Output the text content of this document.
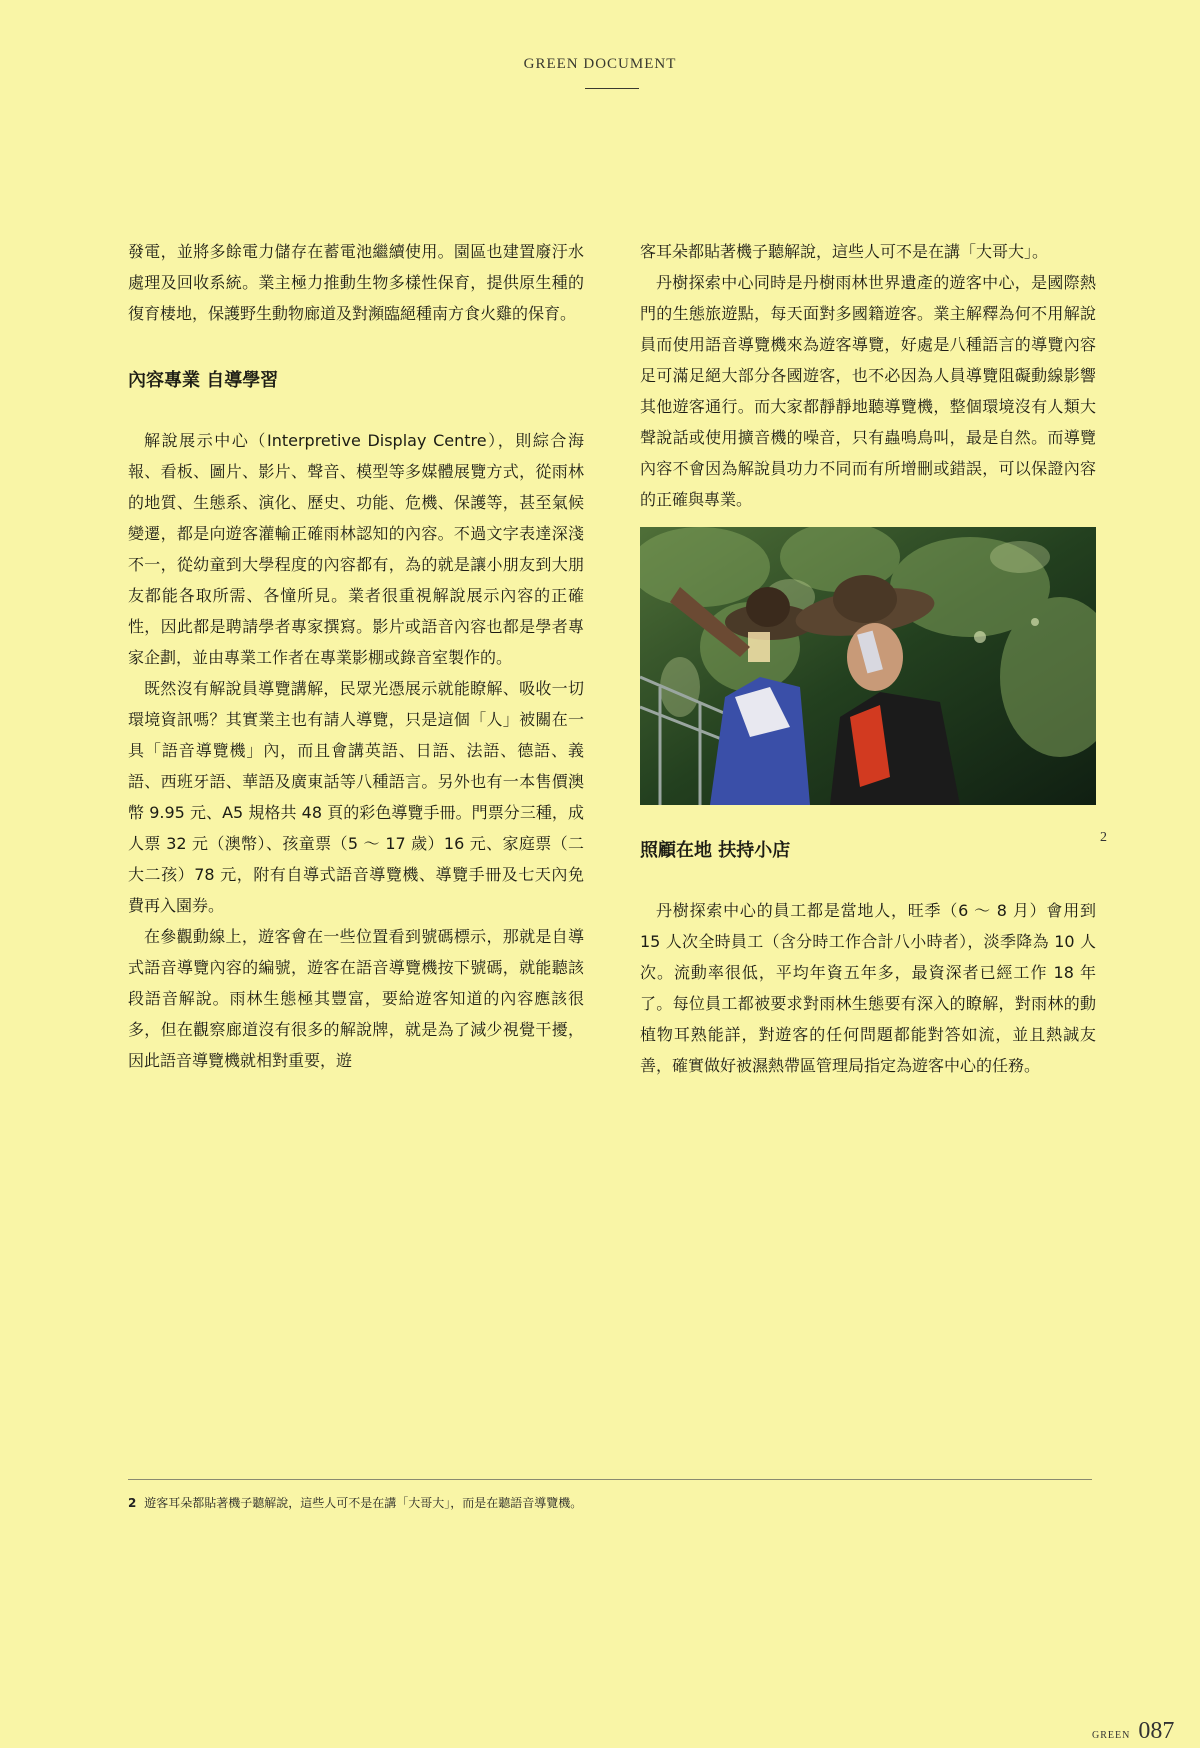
GREEN DOCUMENT

發電，並將多餘電力儲存在蓄電池繼續使用。園區也建置廢汙水處理及回收系統。業主極力推動生物多樣性保育，提供原生種的復育棲地，保護野生動物廊道及對瀕臨絕種南方食火雞的保育。

內容專業 自導學習

解說展示中心（Interpretive Display Centre），則綜合海報、看板、圖片、影片、聲音、模型等多媒體展覽方式，從雨林的地質、生態系、演化、歷史、功能、危機、保護等，甚至氣候變遷，都是向遊客灌輸正確雨林認知的內容。不過文字表達深淺不一，從幼童到大學程度的內容都有，為的就是讓小朋友到大朋友都能各取所需、各憧所見。業者很重視解說展示內容的正確性，因此都是聘請學者專家撰寫。影片或語音內容也都是學者專家企劃，並由專業工作者在專業影棚或錄音室製作的。

既然沒有解說員導覽講解，民眾光憑展示就能瞭解、吸收一切環境資訊嗎？其實業主也有請人導覽，只是這個「人」被關在一具「語音導覽機」內，而且會講英語、日語、法語、德語、義語、西班牙語、華語及廣東話等八種語言。另外也有一本售價澳幣 9.95 元、A5 規格共 48 頁的彩色導覽手冊。門票分三種，成人票 32 元（澳幣）、孩童票（5 ～ 17 歲）16 元、家庭票（二大二孩）78 元，附有自導式語音導覽機、導覽手冊及七天內免費再入園券。

在參觀動線上，遊客會在一些位置看到號碼標示，那就是自導式語音導覽內容的編號，遊客在語音導覽機按下號碼，就能聽該段語音解說。雨林生態極其豐富，要給遊客知道的內容應該很多，但在觀察廊道沒有很多的解說牌，就是為了減少視覺干擾，因此語音導覽機就相對重要，遊

客耳朵都貼著機子聽解說，這些人可不是在講「大哥大」。

丹樹探索中心同時是丹樹雨林世界遺產的遊客中心，是國際熱門的生態旅遊點，每天面對多國籍遊客。業主解釋為何不用解說員而使用語音導覽機來為遊客導覽，好處是八種語言的導覽內容足可滿足絕大部分各國遊客，也不必因為人員導覽阻礙動線影響其他遊客通行。而大家都靜靜地聽導覽機，整個環境沒有人類大聲說話或使用擴音機的噪音，只有蟲鳴鳥叫，最是自然。而導覽內容不會因為解說員功力不同而有所增刪或錯誤，可以保證內容的正確與專業。

照顧在地 扶持小店

丹樹探索中心的員工都是當地人，旺季（6 ～ 8 月）會用到 15 人次全時員工（含分時工作合計八小時者），淡季降為 10 人次。流動率很低，平均年資五年多，最資深者已經工作 18 年了。每位員工都被要求對雨林生態要有深入的瞭解，對雨林的動植物耳熟能詳，對遊客的任何問題都能對答如流，並且熱誠友善，確實做好被濕熱帶區管理局指定為遊客中心的任務。

2
2 遊客耳朵都貼著機子聽解說，這些人可不是在講「大哥大」，而是在聽語音導覽機。
GREEN 087
